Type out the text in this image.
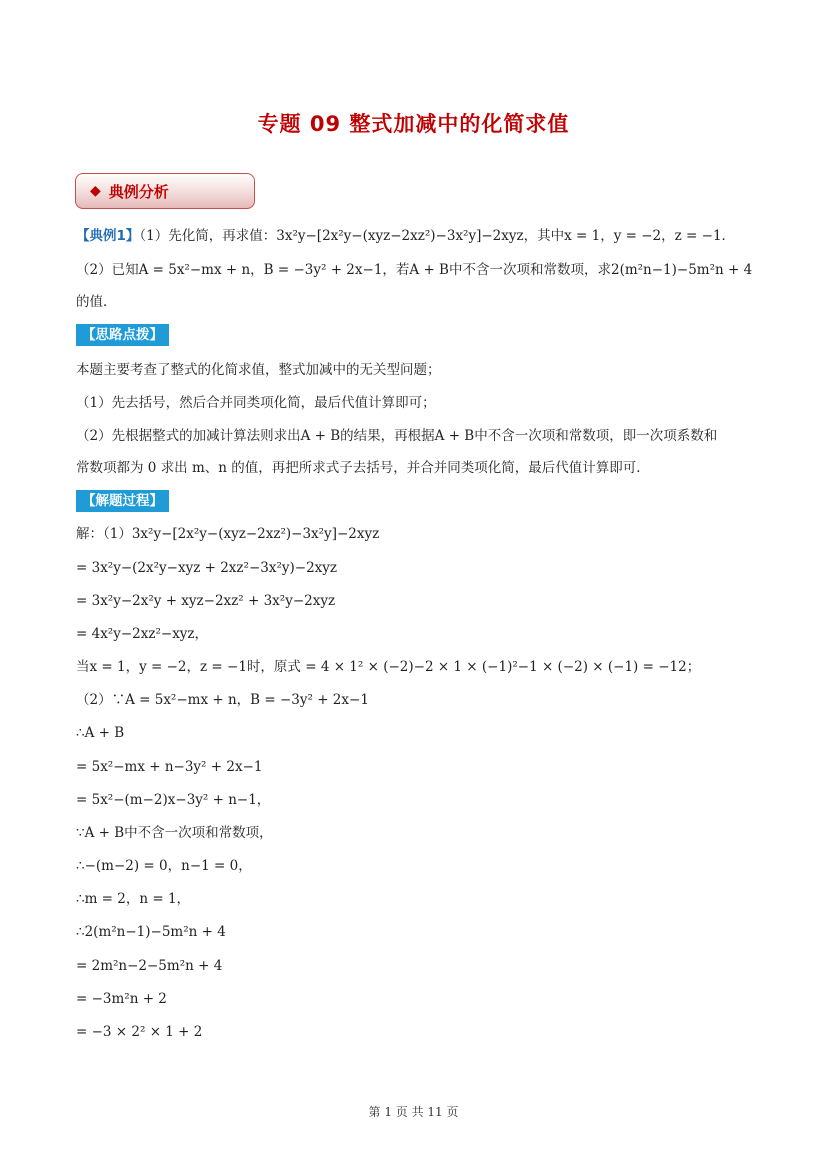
专题 09 整式加减中的化简求值
◆ 典例分析
【典例1】（1）先化简，再求值：3x²y−[2x²y−(xyz−2xz²)−3x²y]−2xyz，其中x = 1，y = −2，z = −1．
（2）已知A = 5x²−mx + n，B = −3y² + 2x−1，若A + B中不含一次项和常数项，求2(m²n−1)−5m²n + 4
的值．
【思路点拨】
本题主要考查了整式的化简求值，整式加减中的无关型问题；
（1）先去括号，然后合并同类项化简，最后代值计算即可；
（2）先根据整式的加减计算法则求出A + B的结果，再根据A + B中不含一次项和常数项，即一次项系数和
常数项都为 0 求出 m、n 的值，再把所求式子去括号，并合并同类项化简，最后代值计算即可．
【解题过程】
解：（1）3x²y−[2x²y−(xyz−2xz²)−3x²y]−2xyz
= 3x²y−(2x²y−xyz + 2xz²−3x²y)−2xyz
= 3x²y−2x²y + xyz−2xz² + 3x²y−2xyz
= 4x²y−2xz²−xyz，
当x = 1，y = −2，z = −1时，原式 = 4 × 1² × (−2)−2 × 1 × (−1)²−1 × (−2) × (−1) = −12；
（2）∵A = 5x²−mx + n，B = −3y² + 2x−1
∴A + B
= 5x²−mx + n−3y² + 2x−1
= 5x²−(m−2)x−3y² + n−1，
∵A + B中不含一次项和常数项，
∴−(m−2) = 0，n−1 = 0，
∴m = 2，n = 1，
∴2(m²n−1)−5m²n + 4
= 2m²n−2−5m²n + 4
= −3m²n + 2
= −3 × 2² × 1 + 2
第 1 页 共 11 页
